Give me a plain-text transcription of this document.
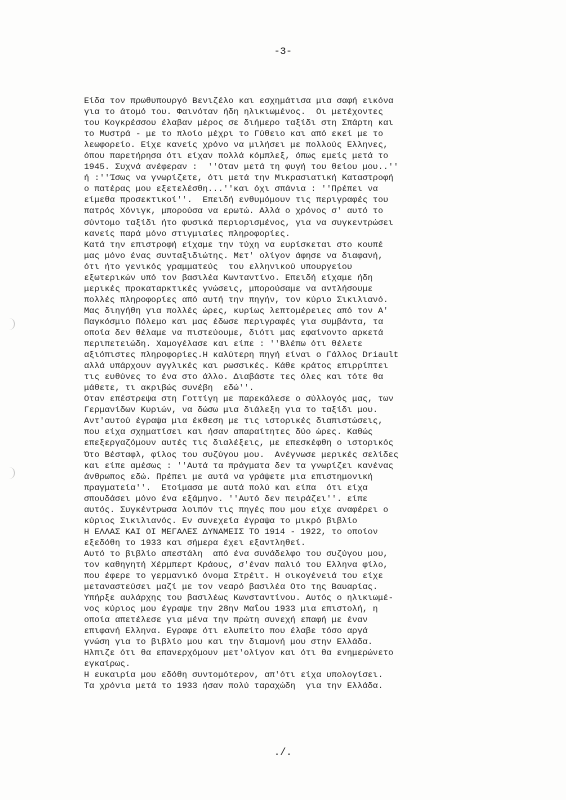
-3-
Είδα τον πρωθυπουργό Βενιζέλο και εσχημάτισα μια σαφή εικόνα
για το άτομό του. Φαινόταν ήδη ηλικιωμένος.  Οι μετέχοντες
του Κογκρέσσου έλαβαν μέρος σε διήμερο ταξίδι στη Σπάρτη και
το Μυστρά - με το πλοίο μέχρι το Γύθειο και από εκεί με το
λεωφορείο. Είχε κανείς χρόνο να μιλήσει με πολλούς Ελληνες,
όπου παρετήρησα ότι είχαν πολλά κόμπλεξ, όπως εμείς μετά το
1945. Συχνά ανέφεραν :  ''Οταν μετά τη φυγή του θείου μου..''
ή :''Ίσως να γνωρίζετε, ότι μετά την Μικρασιατική Καταστροφή
ο πατέρας μου εξετελέσθη...''και όχι σπάνια : ''Πρέπει να
είμεθα προσεκτικοί''.  Επειδή ενθυμόμουν τις περιγραφές του
πατρός Χόνιγκ, μπορούσα να ερωτώ. Αλλά ο χρόνος σ' αυτό το
σύντομο ταξίδι ήτο φυσικά περιορισμένος, για να συγκεντρώσει
κανείς παρά μόνο στιγμιαίες πληροφορίες.
Κατά την επιστροφή είχαμε την τύχη να ευρίσκεται στο κουπέ
μας μόνο ένας συνταξιδιώτης. Μετ' ολίγον άφησε να διαφανή,
ότι ήτο γενικός γραμματεύς  του ελληνικού υπουργείου
εξωτερικών υπό τον βασιλέα Κωνταντίνο. Επειδή είχαμε ήδη
μερικές προκαταρκτικές γνώσεις, μπορούσαμε να αντλήσουμε
πολλές πληροφορίες από αυτή την πηγήν, τον κύριο Σικιλιανό.
Μας διηγήθη για πολλές ώρες, κυρίως λεπτομέρειες από τον Α'
Παγκόσμιο Πόλεμο και μας έδωσε περιγραφές για συμβάντα, τα
οποία δεν θέλαμε να πιστεύουμε, διότι μας εφαίνοντο αρκετά
περιπετειώδη. Χαμογέλασε και είπε : ''Βλέπω ότι θέλετε
αξιόπιστες πληροφορίες.Η καλύτερη πηγή είναι ο Γάλλος Driault
αλλά υπάρχουν αγγλικές και ρωσσικές. Κάθε κράτος επιρρίπτει
τις ευθύνες το ένα στο άλλο. Διαβάστε τες όλες και τότε θα
μάθετε, τι ακριβώς συνέβη  εδώ''.
Οταν επέστρεψα στη Γοττίγη με παρεκάλεσε ο σύλλογός μας, των
Γερμανίδων Κυριών, να δώσω μια διάλεξη για το ταξίδι μου.
Αντ'αυτού έγραψα μια έκθεση με τις ιστορικές διαπιστώσεις,
που είχα σχηματίσει και ήσαν απαραίτητες δύο ώρες. Καθώς
επεξεργαζόμουν αυτές τις διαλέξεις, με επεσκέφθη ο ιστορικός
Ότο Βέσταφλ, φίλος του συζύγου μου.  Ανέγνωσε μερικές σελίδες
και είπε αμέσως : ''Αυτά τα πράγματα δεν τα γνωρίζει κανένας
άνθρωπος εδώ. Πρέπει με αυτά να γράψετε μια επιστημονική
πραγματεία''.  Ετοίμασα με αυτά πολύ και είπα  ότι είχα
σπουδάσει μόνο ένα εξάμηνο. ''Αυτό δεν πειράζει''. είπε
αυτός. Συγκέντρωσα λοιπόν τις πηγές που μου είχε αναφέρει ο
κύριος Σικιλιανός. Εν συνεχεία έγραψα το μικρό βιβλίο
Η ΕΛΛΑΣ ΚΑΙ ΟΙ ΜΕΓΑΛΕΣ ΔΥΝΑΜΕΙΣ ΤΟ 1914 - 1922, το οποίον
εξεδόθη το 1933 και σήμερα έχει εξαντληθεί.
Αυτό το βιβλίο απεστάλη  από ένα συνάδελφο του συζύγου μου,
τον καθηγητή Χέρμπερτ Κράους, σ'έναν παλιό του Ελληνα φίλο,
που έφερε το γερμανικό όνομα Στρέιτ. Η οικογένειά του είχε
μεταναστεύσει μαζί με τον νεαρό βασιλέα Οτο της Βαυαρίας.
Υπήρξε αυλάρχης του βασιλέως Κωνσταντίνου. Αυτός ο ηλικιωμέ-
νος κύριος μου έγραψε την 28ην Μαΐου 1933 μια επιστολή, η
οποία απετέλεσε για μένα την πρώτη συνεχή επαφή με έναν
επιφανή Ελληνα. Εγραφε ότι ελυπείτο που έλαβε τόσο αργά
γνώση για το βιβλίο μου και την διαμονή μου στην Ελλάδα.
Ηλπιζε ότι θα επανερχόμουν μετ'ολίγον και ότι θα ενημερώνετο
εγκαίρως.
Η ευκαιρία μου εδόθη συντομότερον, απ'ότι είχα υπολογίσει.
Τα χρόνια μετά το 1933 ήσαν πολύ ταραχώδη  για την Ελλάδα.
./.
